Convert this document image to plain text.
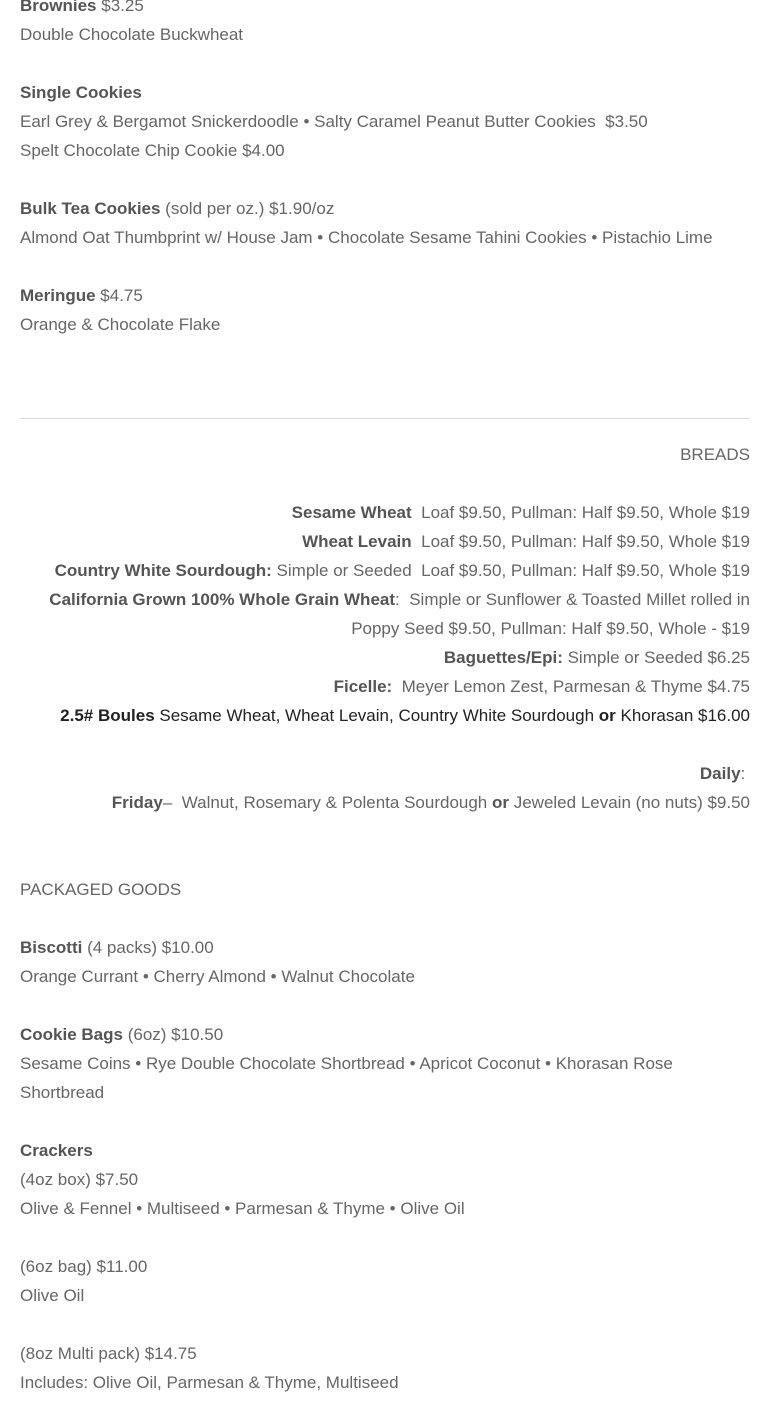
Brownies $3.25
Double Chocolate Buckwheat
Single Cookies
Earl Grey & Bergamot Snickerdoodle • Salty Caramel Peanut Butter Cookies  $3.50
Spelt Chocolate Chip Cookie $4.00
Bulk Tea Cookies (sold per oz.) $1.90/oz
Almond Oat Thumbprint w/ House Jam • Chocolate Sesame Tahini Cookies • Pistachio Lime
Meringue $4.75
Orange & Chocolate Flake
BREADS
Sesame Wheat  Loaf $9.50, Pullman: Half $9.50, Whole $19
Wheat Levain  Loaf $9.50, Pullman: Half $9.50, Whole $19
Country White Sourdough: Simple or Seeded  Loaf $9.50, Pullman: Half $9.50, Whole $19
California Grown 100% Whole Grain Wheat:  Simple or Sunflower & Toasted Millet rolled in
Poppy Seed $9.50, Pullman: Half $9.50, Whole - $19
Baguettes/Epi: Simple or Seeded $6.25
Ficelle:  Meyer Lemon Zest, Parmesan & Thyme $4.75
2.5# Boules Sesame Wheat, Wheat Levain, Country White Sourdough or Khorasan $16.00
Daily:
Friday–  Walnut, Rosemary & Polenta Sourdough or Jeweled Levain (no nuts) $9.50
PACKAGED GOODS
Biscotti (4 packs) $10.00
Orange Currant • Cherry Almond • Walnut Chocolate
Cookie Bags (6oz) $10.50
Sesame Coins • Rye Double Chocolate Shortbread • Apricot Coconut • Khorasan Rose Shortbread
Crackers
(4oz box) $7.50
Olive & Fennel • Multiseed • Parmesan & Thyme • Olive Oil
(6oz bag) $11.00
Olive Oil
(8oz Multi pack) $14.75
Includes: Olive Oil, Parmesan & Thyme, Multiseed
